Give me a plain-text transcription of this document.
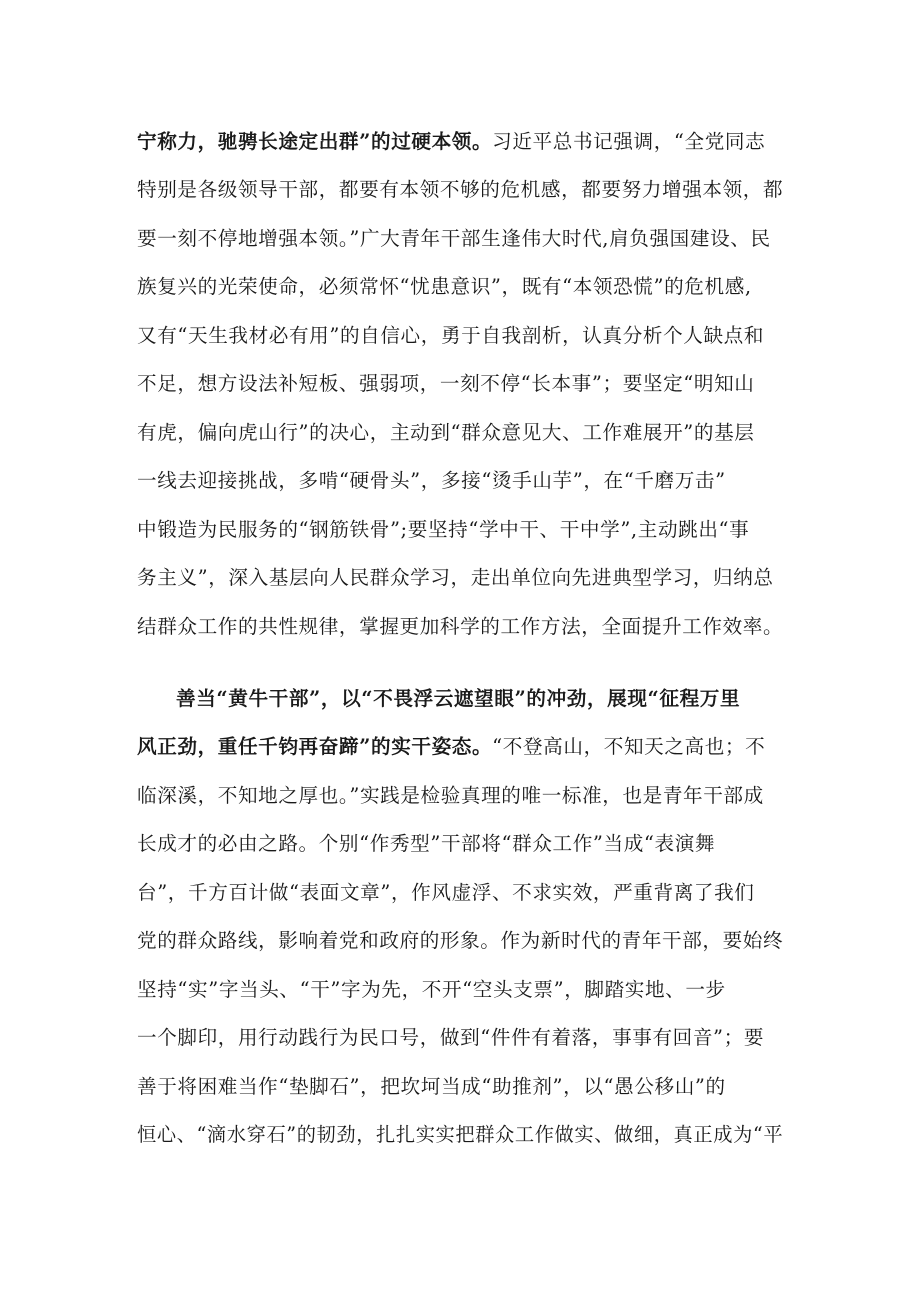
宁称力，驰骋长途定出群”的过硬本领。习近平总书记强调，“全党同志
特别是各级领导干部，都要有本领不够的危机感，都要努力增强本领，都
要一刻不停地增强本领。”广大青年干部生逢伟大时代,肩负强国建设、民
族复兴的光荣使命，必须常怀“忧患意识”，既有“本领恐慌”的危机感,
又有“天生我材必有用”的自信心，勇于自我剖析，认真分析个人缺点和
不足，想方设法补短板、强弱项，一刻不停“长本事”；要坚定“明知山
有虎，偏向虎山行”的决心，主动到“群众意见大、工作难展开”的基层
一线去迎接挑战，多啃“硬骨头”，多接“烫手山芋”，在“千磨万击”
中锻造为民服务的“钢筋铁骨”;要坚持“学中干、干中学”,主动跳出“事
务主义”，深入基层向人民群众学习，走出单位向先进典型学习，归纳总
结群众工作的共性规律，掌握更加科学的工作方法，全面提升工作效率。
善当“黄牛干部”，以“不畏浮云遮望眼”的冲劲，展现“征程万里
风正劲，重任千钧再奋蹄”的实干姿态。“不登高山，不知天之高也；不
临深溪，不知地之厚也。”实践是检验真理的唯一标准，也是青年干部成
长成才的必由之路。个别“作秀型”干部将“群众工作”当成“表演舞
台”，千方百计做“表面文章”，作风虚浮、不求实效，严重背离了我们
党的群众路线，影响着党和政府的形象。作为新时代的青年干部，要始终
坚持“实”字当头、“干”字为先，不开“空头支票”，脚踏实地、一步
一个脚印，用行动践行为民口号，做到“件件有着落，事事有回音”；要
善于将困难当作“垫脚石”，把坎坷当成“助推剂”，以“愚公移山”的
恒心、“滴水穿石”的韧劲，扎扎实实把群众工作做实、做细，真正成为“平
